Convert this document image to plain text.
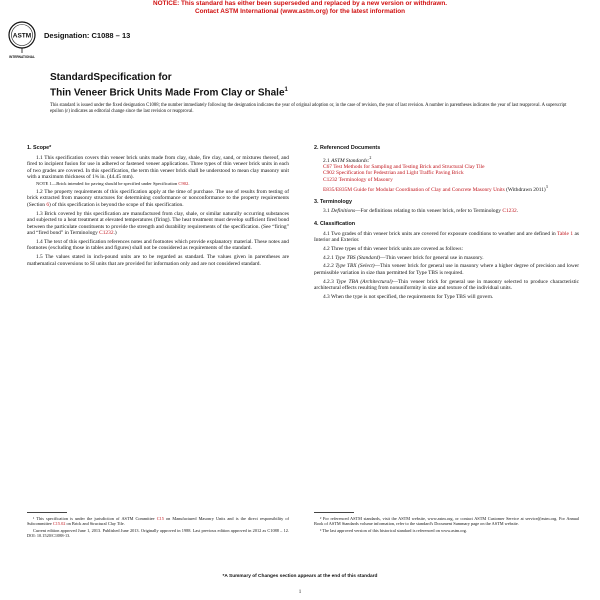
NOTICE: This standard has either been superseded and replaced by a new version or withdrawn.
Contact ASTM International (www.astm.org) for the latest information
ASTM
INTERNATIONAL
Designation: C1088 – 13
StandardSpecification for
Thin Veneer Brick Units Made From Clay or Shale$^1$
This standard is issued under the fixed designation C1088; the number immediately following the designation indicates the year of original adoption or, in the case of revision, the year of last revision. A number in parentheses indicates the year of last reapproval. A superscript epsilon (ε) indicates an editorial change since the last revision or reapproval.
1. Scope*

1.1 This specification covers thin veneer brick units made from clay, shale, fire clay, sand, or mixtures thereof, and fired to incipient fusion for use in adhered or fastened veneer applications. Three types of thin veneer brick units in each of two grades are covered. In this specification, the term thin veneer brick shall be understood to mean clay masonry unit with a maximum thickness of 1¾ in. (44.45 mm).

NOTE 1—Brick intended for paving should be specified under Specification C902.

1.2 The property requirements of this specification apply at the time of purchase. The use of results from testing of brick extracted from masonry structures for determining conformance or nonconformance to the property requirements (Section 6) of this specification is beyond the scope of this specification.

1.3 Brick covered by this specification are manufactured from clay, shale, or similar naturally occurring substances and subjected to a heat treatment at elevated temperatures (firing). The heat treatment must develop sufficient fired bond between the particulate constituents to provide the strength and durability requirements of the specification. (See “firing” and “fired bond” in Terminology C1232.)

1.4 The text of this specification references notes and footnotes which provide explanatory material. These notes and footnotes (excluding those in tables and figures) shall not be considered as requirements of the standard.

1.5 The values stated in inch-pound units are to be regarded as standard. The values given in parentheses are mathematical conversions to SI units that are provided for information only and are not considered standard.

2. Referenced Documents

2.1 ASTM Standards:$^2$

C67 Test Methods for Sampling and Testing Brick and Structural Clay Tile
C902 Specification for Pedestrian and Light Traffic Paving Brick
C1232 Terminology of Masonry
E835/E835M Guide for Modular Coordination of Clay and Concrete Masonry Units (Withdrawn 2011)$^3$
3. Terminology

3.1 Definitions—For definitions relating to thin veneer brick, refer to Terminology C1232.

4. Classification

4.1 Two grades of thin veneer brick units are covered for exposure conditions to weather and are defined in Table 1 as Interior and Exterior.

4.2 Three types of thin veneer brick units are covered as follows:

4.2.1 Type TBS (Standard)—Thin veneer brick for general use in masonry.

4.2.2 Type TBX (Select)—Thin veneer brick for general use in masonry where a higher degree of precision and lower permissible variation in size than permitted for Type TBS is required.

4.2.3 Type TBA (Architectural)—Thin veneer brick for general use in masonry selected to produce characteristic architectural effects resulting from nonuniformity in size and texture of the individual units.

4.3 When the type is not specified, the requirements for Type TBS will govern.

¹ This specification is under the jurisdiction of ASTM Committee C15 on Manufactured Masonry Units and is the direct responsibility of Subcommittee C15.02 on Brick and Structural Clay Tile.

Current edition approved June 1, 2013. Published June 2013. Originally approved in 1988. Last previous edition approved in 2012 as C1088 – 12. DOI: 10.1520/C1088-13.

² For referenced ASTM standards, visit the ASTM website, www.astm.org, or contact ASTM Customer Service at service@astm.org. For Annual Book of ASTM Standards volume information, refer to the standard's Document Summary page on the ASTM website.

³ The last approved version of this historical standard is referenced on www.astm.org.

*A Summary of Changes section appears at the end of this standard
1
